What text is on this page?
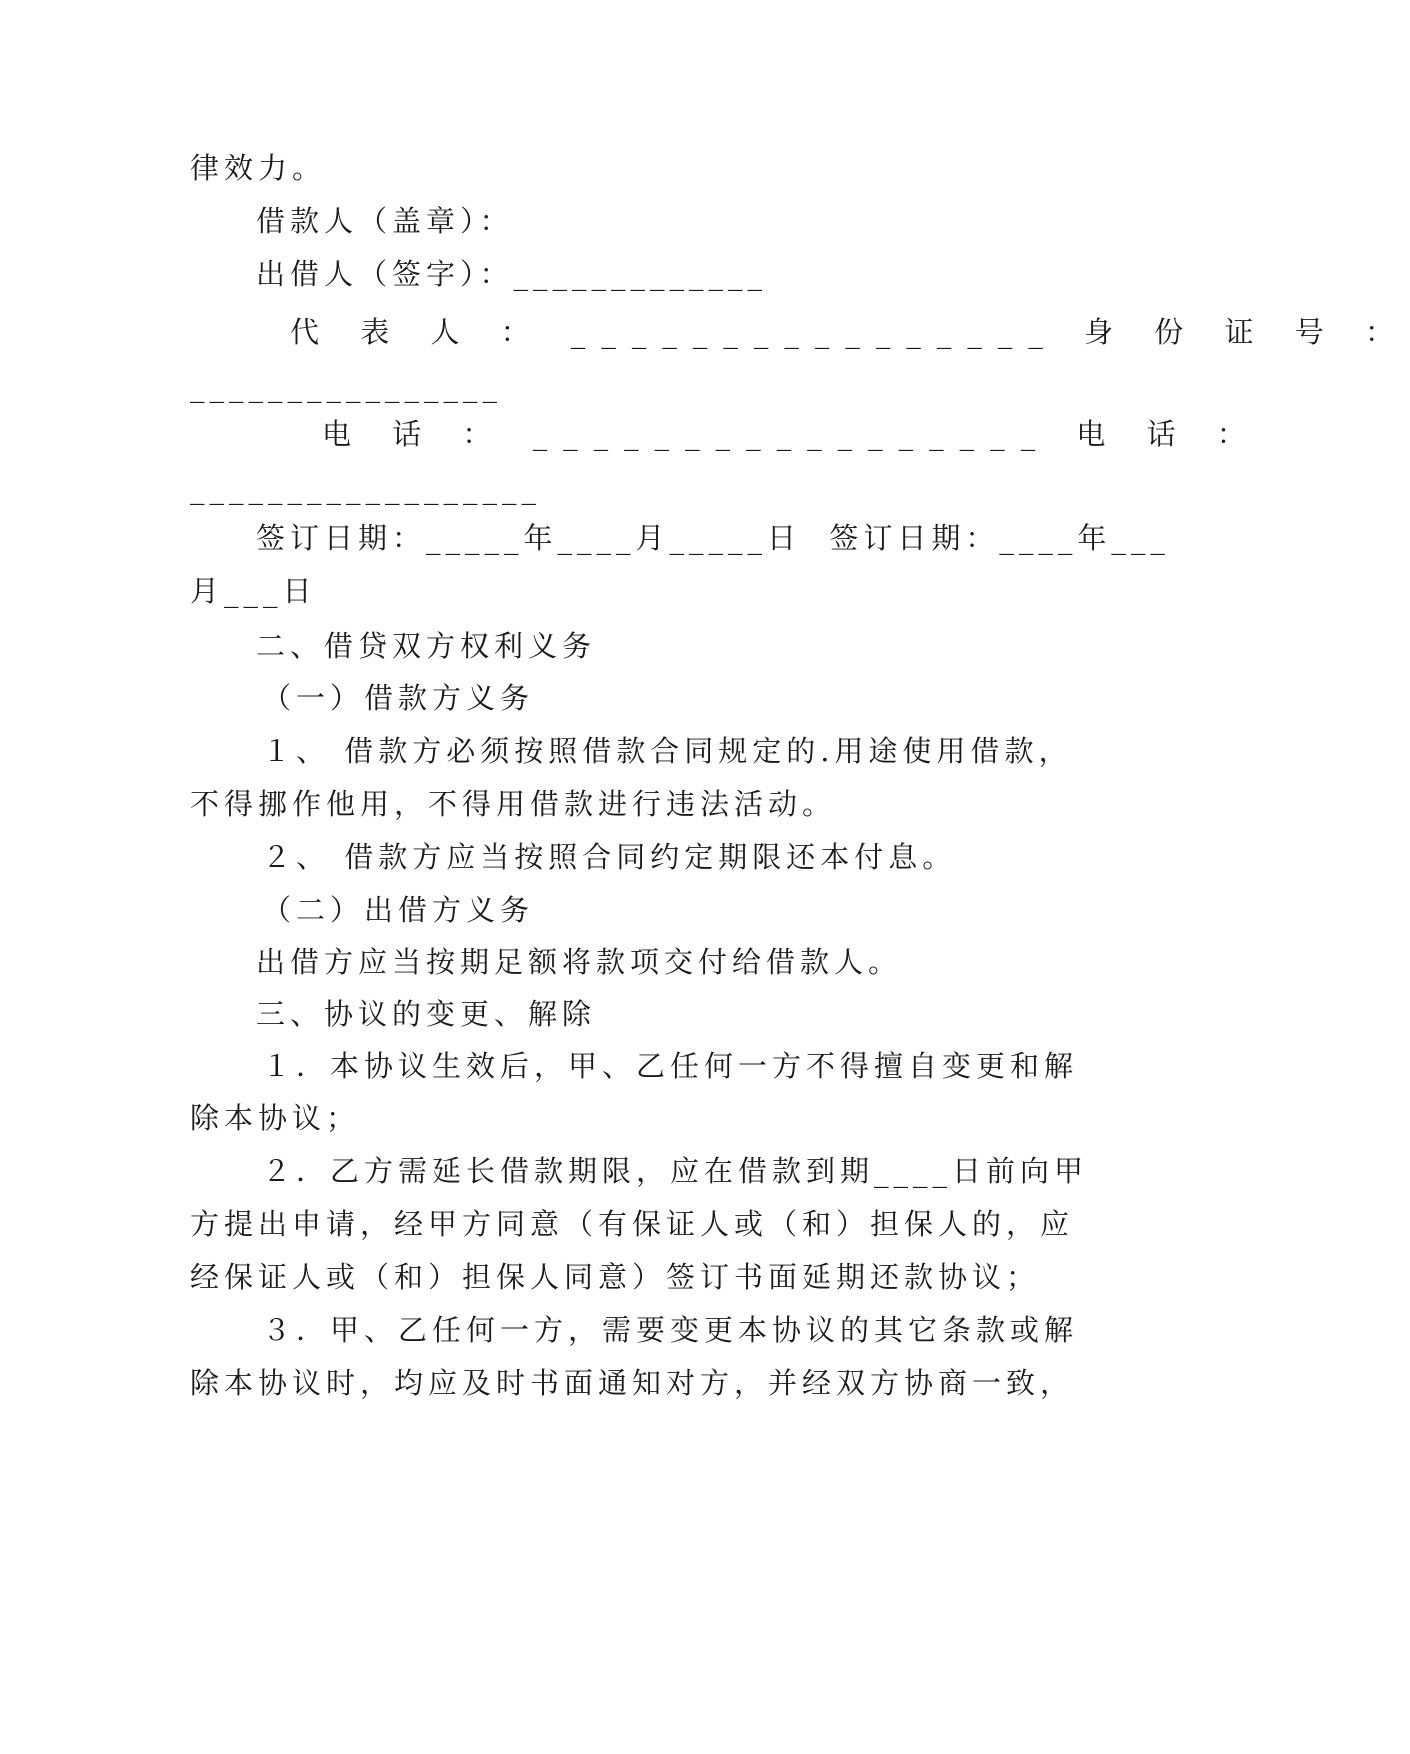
律效力。
借款人（盖章）：
出借人（签字）：_____________
代 表 人 ： ________________ 身 份 证 号 ：
________________
电 话 ： _________________ 电 话 ：
__________________
签订日期：_____年____月_____日  签订日期：____年___
月___日
二、借贷双方权利义务
（一）借款方义务
１、 借款方必须按照借款合同规定的.用途使用借款，
不得挪作他用，不得用借款进行违法活动。
２、 借款方应当按照合同约定期限还本付息。
（二）出借方义务
出借方应当按期足额将款项交付给借款人。
三、协议的变更、解除
１．本协议生效后，甲、乙任何一方不得擅自变更和解
除本协议；
２．乙方需延长借款期限，应在借款到期____日前向甲
方提出申请，经甲方同意（有保证人或（和）担保人的，应
经保证人或（和）担保人同意）签订书面延期还款协议；
３．甲、乙任何一方，需要变更本协议的其它条款或解
除本协议时，均应及时书面通知对方，并经双方协商一致，
